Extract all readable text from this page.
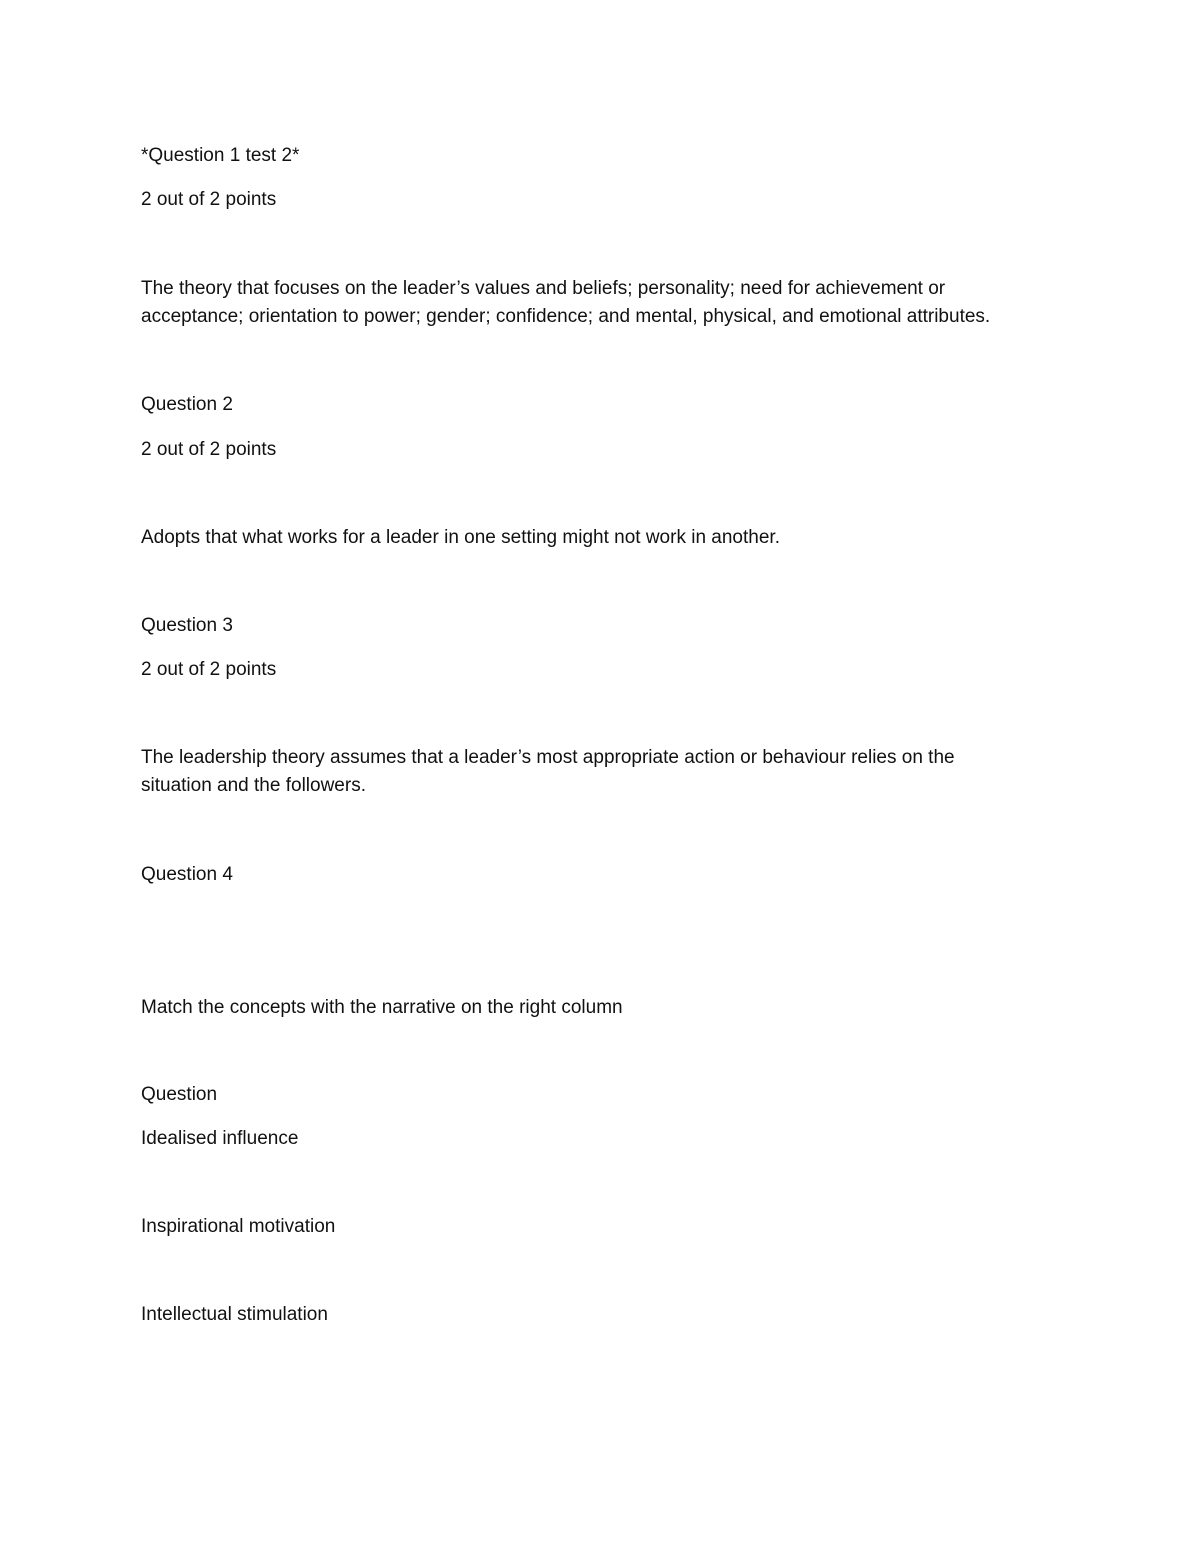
*Question 1 test 2*
2 out of 2 points
The theory that focuses on the leader’s values and beliefs; personality; need for achievement or
acceptance; orientation to power; gender; confidence; and mental, physical, and emotional attributes.
Question 2
2 out of 2 points
Adopts that what works for a leader in one setting might not work in another.
Question 3
2 out of 2 points
The leadership theory assumes that a leader’s most appropriate action or behaviour relies on the
situation and the followers.
Question 4
Match the concepts with the narrative on the right column
Question
Idealised influence
Inspirational motivation
Intellectual stimulation
